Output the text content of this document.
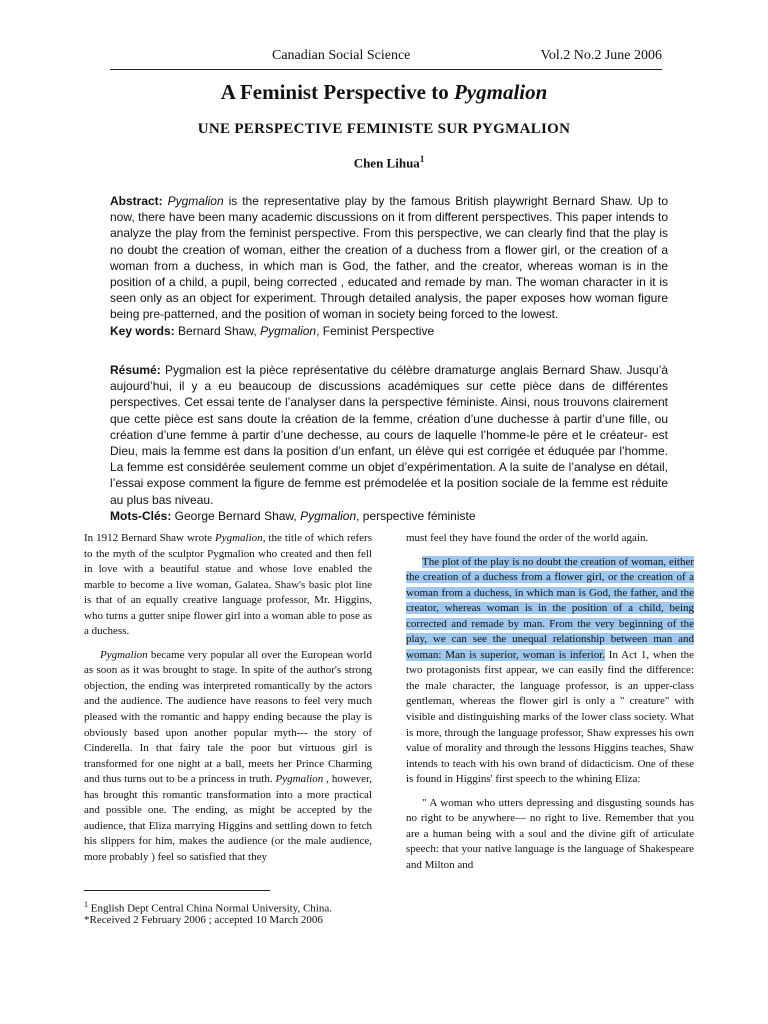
Canadian Social Science	Vol.2 No.2 June 2006
A Feminist Perspective to Pygmalion
UNE PERSPECTIVE FEMINISTE SUR PYGMALION
Chen Lihua$^1$

Abstract: Pygmalion is the representative play by the famous British playwright Bernard Shaw. Up to now, there have been many academic discussions on it from different perspectives. This paper intends to analyze the play from the feminist perspective. From this perspective, we can clearly find that the play is no doubt the creation of woman, either the creation of a duchess from a flower girl, or the creation of a woman from a duchess, in which man is God, the father, and the creator, whereas woman is in the position of a child, a pupil, being corrected , educated and remade by man. The woman character in it is seen only as an object for experiment. Through detailed analysis, the paper exposes how woman figure being pre-patterned, and the position of woman in society being forced to the lowest.

Key words: Bernard Shaw, Pygmalion, Feminist Perspective

Résumé: Pygmalion est la pièce représentative du célèbre dramaturge anglais Bernard Shaw. Jusqu’à aujourd’hui, il y a eu beaucoup de discussions académiques sur cette pièce dans de différentes perspectives. Cet essai tente de l’analyser dans la perspective féministe. Ainsi, nous trouvons clairement que cette pièce est sans doute la création de la femme, création d’une duchesse à partir d’une fille, ou création d’une femme à partir d’une dechesse, au cours de laquelle l’homme-le père et le créateur- est Dieu, mais la femme est dans la position d’un enfant, un élève qui est corrigée et éduquée par l’homme. La femme est considérée seulement comme un objet d’expérimentation. A la suite de l’analyse en détail, l’essai expose comment la figure de femme est prémodelée et la position sociale de la femme est réduite au plus bas niveau.

Mots-Clés: George Bernard Shaw, Pygmalion, perspective féministe

In 1912 Bernard Shaw wrote Pygmalion, the title of which refers to the myth of the sculptor Pygmalion who created and then fell in love with a beautiful statue and whose love enabled the marble to become a live woman, Galatea. Shaw's basic plot line is that of an equally creative language professor, Mr. Higgins, who turns a gutter snipe flower girl into a woman able to pose as a duchess.

Pygmalion became very popular all over the European world as soon as it was brought to stage. In spite of the author's strong objection, the ending was interpreted romantically by the actors and the audience. The audience have reasons to feel very much pleased with the romantic and happy ending because the play is obviously based upon another popular myth--- the story of Cinderella. In that fairy tale the poor but virtuous girl is transformed for one night at a ball, meets her Prince Charming and thus turns out to be a princess in truth. Pygmalion , however, has brought this romantic transformation into a more practical and possible one. The ending, as might be accepted by the audience, that Eliza marrying Higgins and settling down to fetch his slippers for him, makes the audience (or the male audience, more probably ) feel so satisfied that they

must feel they have found the order of the world again.

The plot of the play is no doubt the creation of woman, either the creation of a duchess from a flower girl, or the creation of a woman from a duchess, in which man is God, the father, and the creator, whereas woman is in the position of a child, being corrected and remade by man. From the very beginning of the play, we can see the unequal relationship between man and woman: Man is superior, woman is inferior. In Act 1, when the two protagonists first appear, we can easily find the difference: the male character, the language professor, is an upper-class gentleman, whereas the flower girl is only a " creature" with visible and distinguishing marks of the lower class society. What is more, through the language professor, Shaw expresses his own value of morality and through the lessons Higgins teaches, Shaw intends to teach with his own brand of didacticism. One of these is found in Higgins' first speech to the whining Eliza:

" A woman who utters depressing and disgusting sounds has no right to be anywhere— no right to live. Remember that you are a human being with a soul and the divine gift of articulate speech: that your native language is the language of Shakespeare and Milton and

$^1$ English Dept Central China Normal University, China.
*Received 2 February 2006 ; accepted 10 March 2006
